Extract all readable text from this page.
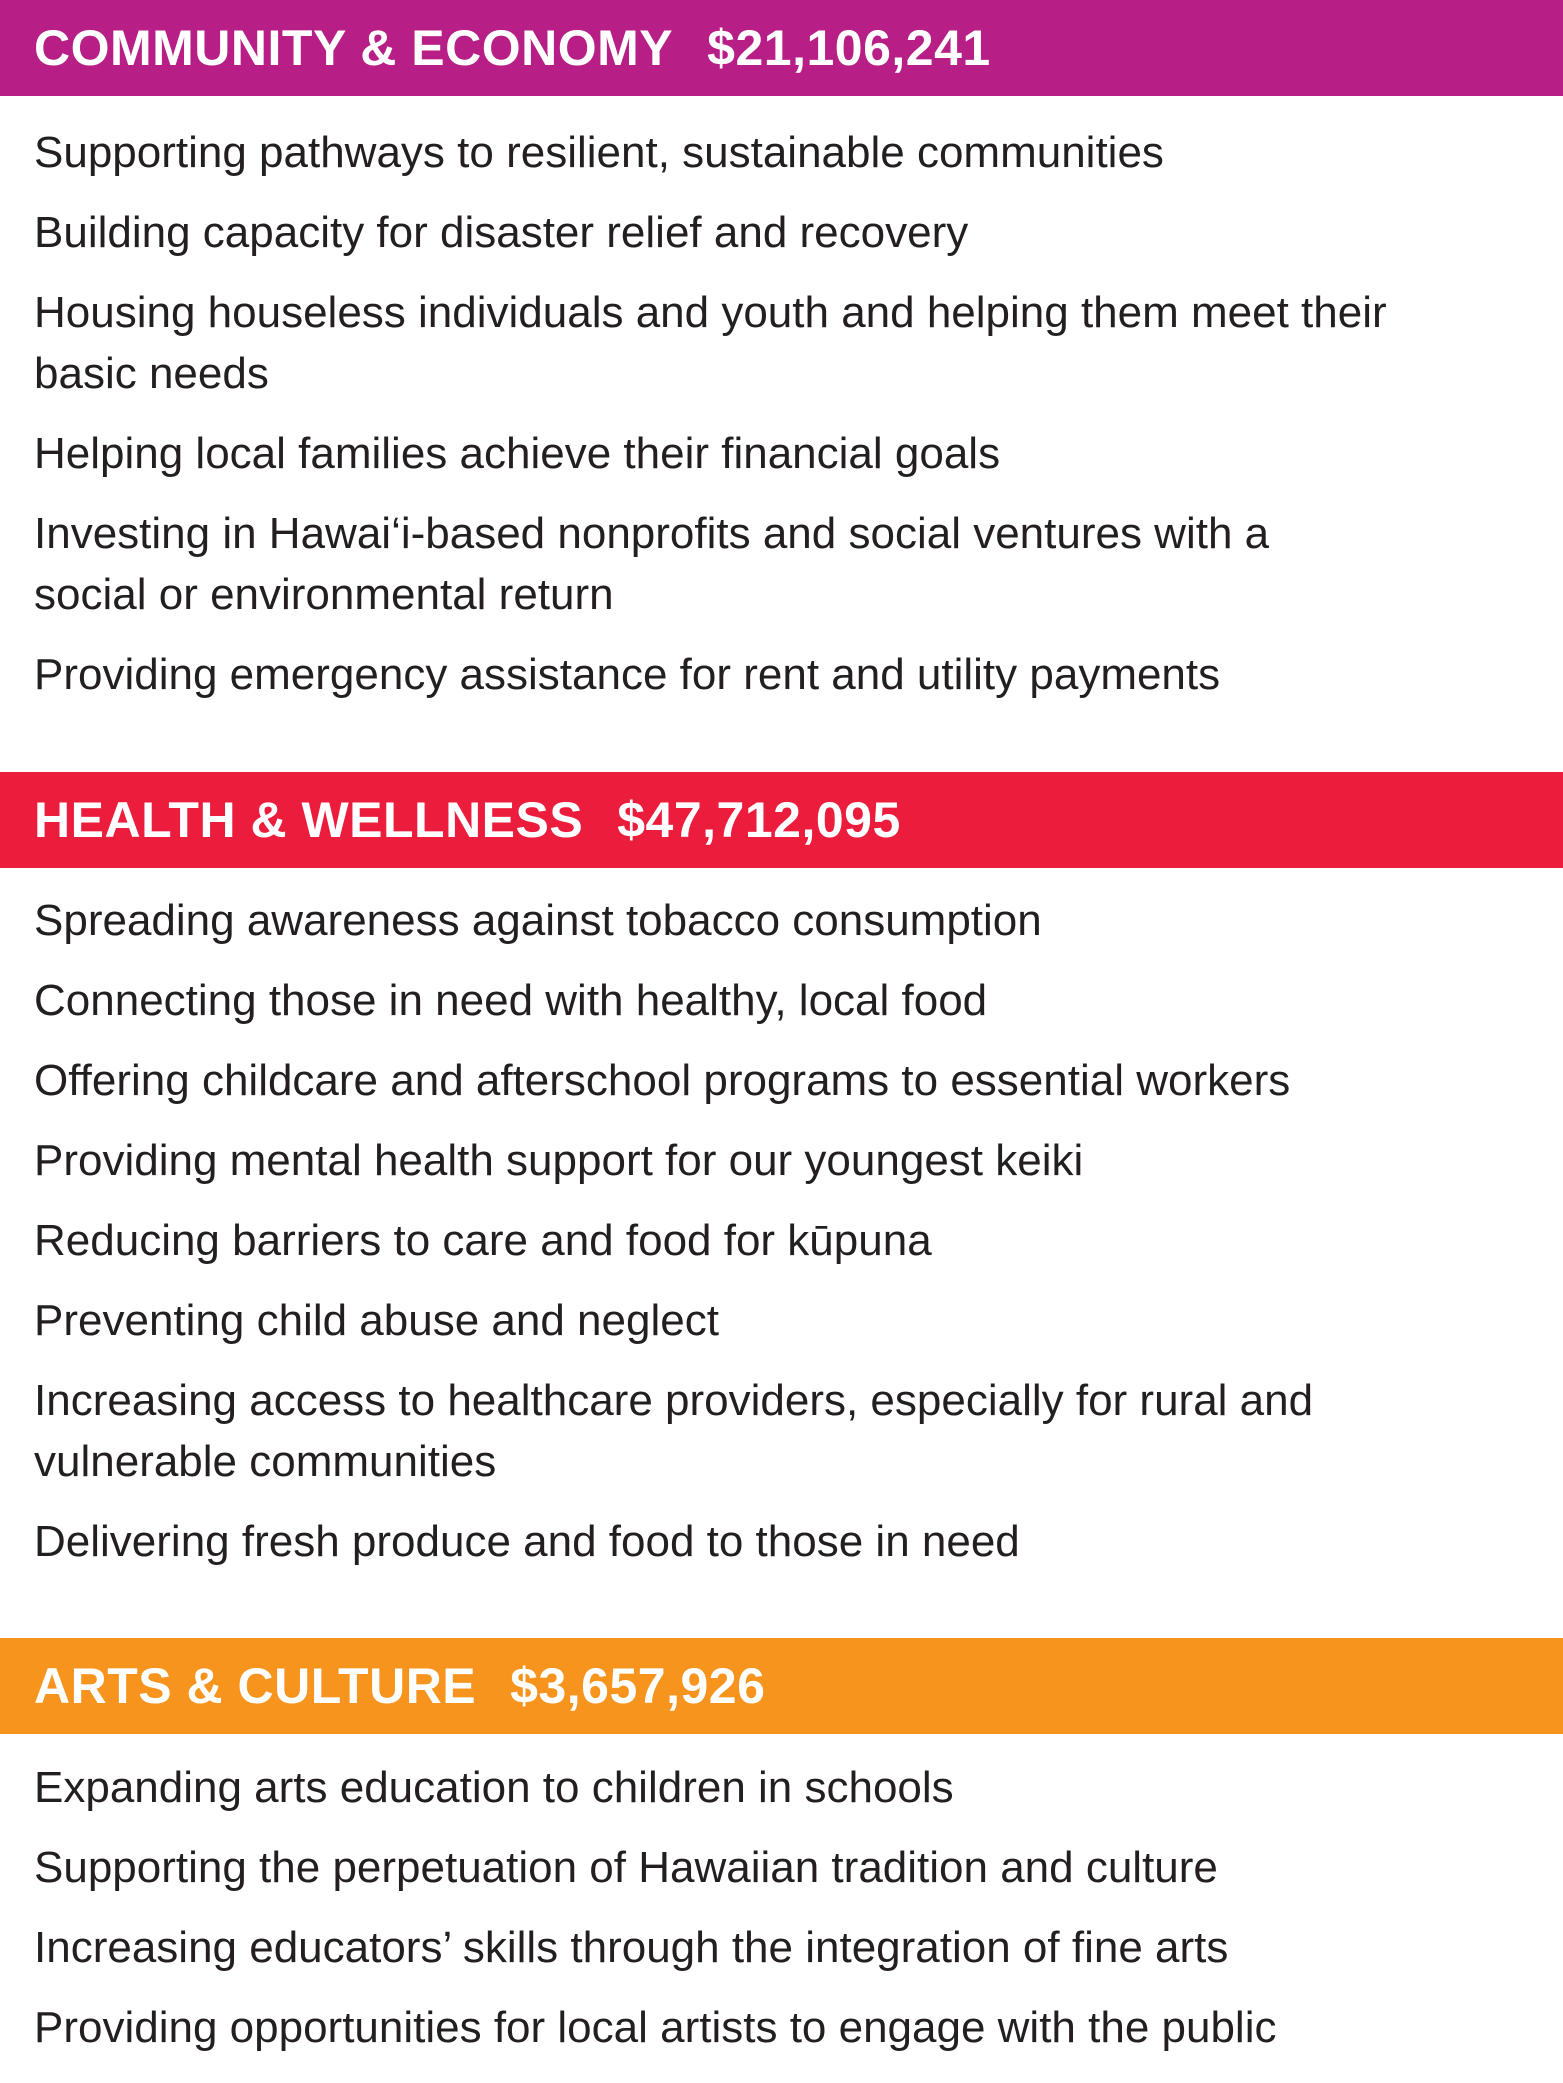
COMMUNITY & ECONOMY $21,106,241
Supporting pathways to resilient, sustainable communities
Building capacity for disaster relief and recovery
Housing houseless individuals and youth and helping them meet their basic needs
Helping local families achieve their financial goals
Investing in Hawai‘i-based nonprofits and social ventures with a social or environmental return
Providing emergency assistance for rent and utility payments
HEALTH & WELLNESS $47,712,095
Spreading awareness against tobacco consumption
Connecting those in need with healthy, local food
Offering childcare and afterschool programs to essential workers
Providing mental health support for our youngest keiki
Reducing barriers to care and food for kūpuna
Preventing child abuse and neglect
Increasing access to healthcare providers, especially for rural and vulnerable communities
Delivering fresh produce and food to those in need
ARTS & CULTURE $3,657,926
Expanding arts education to children in schools
Supporting the perpetuation of Hawaiian tradition and culture
Increasing educators’ skills through the integration of fine arts
Providing opportunities for local artists to engage with the public
